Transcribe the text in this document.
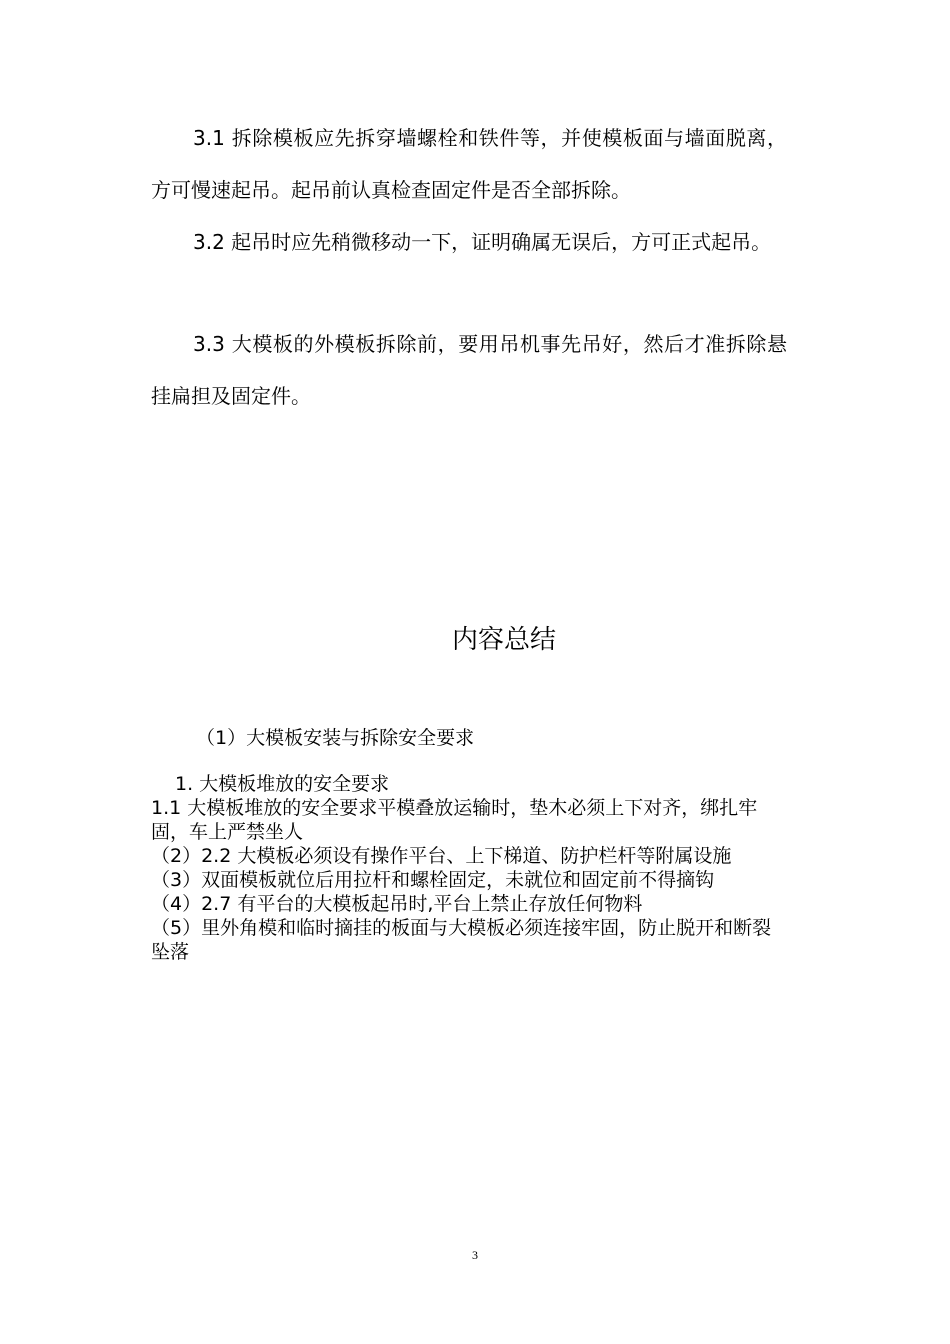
3.1 拆除模板应先拆穿墙螺栓和铁件等，并使模板面与墙面脱离，方可慢速起吊。起吊前认真检查固定件是否全部拆除。

3.2 起吊时应先稍微移动一下，证明确属无误后，方可正式起吊。

3.3 大模板的外模板拆除前，要用吊机事先吊好，然后才准拆除悬挂扁担及固定件。

内容总结

（1）大模板安装与拆除安全要求

1. 大模板堆放的安全要求

1.1 大模板堆放的安全要求平模叠放运输时，垫木必须上下对齐，绑扎牢固，车上严禁坐人

（2）2.2 大模板必须设有操作平台、上下梯道、防护栏杆等附属设施

（3）双面模板就位后用拉杆和螺栓固定，未就位和固定前不得摘钩

（4）2.7 有平台的大模板起吊时,平台上禁止存放任何物料

（5）里外角模和临时摘挂的板面与大模板必须连接牢固，防止脱开和断裂坠落

3
